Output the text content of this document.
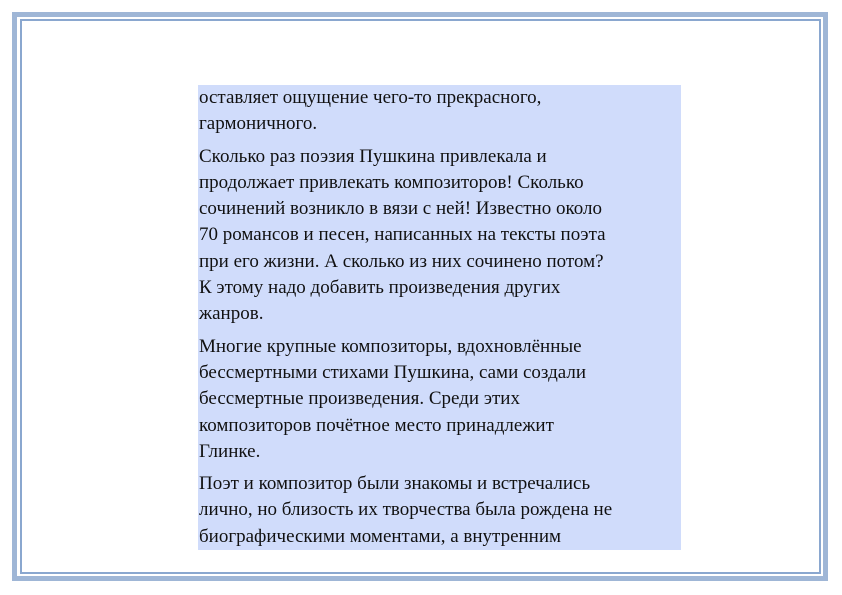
оставляет ощущение чего-то прекрасного,
гармоничного.

Сколько раз поэзия Пушкина привлекала и
продолжает привлекать композиторов! Сколько
сочинений возникло в вязи с ней! Известно около
70 романсов и песен, написанных на тексты поэта
при его жизни. А сколько из них сочинено потом?
К этому надо добавить произведения других
жанров.

Многие крупные композиторы, вдохновлённые
бессмертными стихами Пушкина, сами создали
бессмертные произведения. Среди этих
композиторов почётное место принадлежит
Глинке.

Поэт и композитор были знакомы и встречались
лично, но близость их творчества была рождена не
биографическими моментами, а внутренним
